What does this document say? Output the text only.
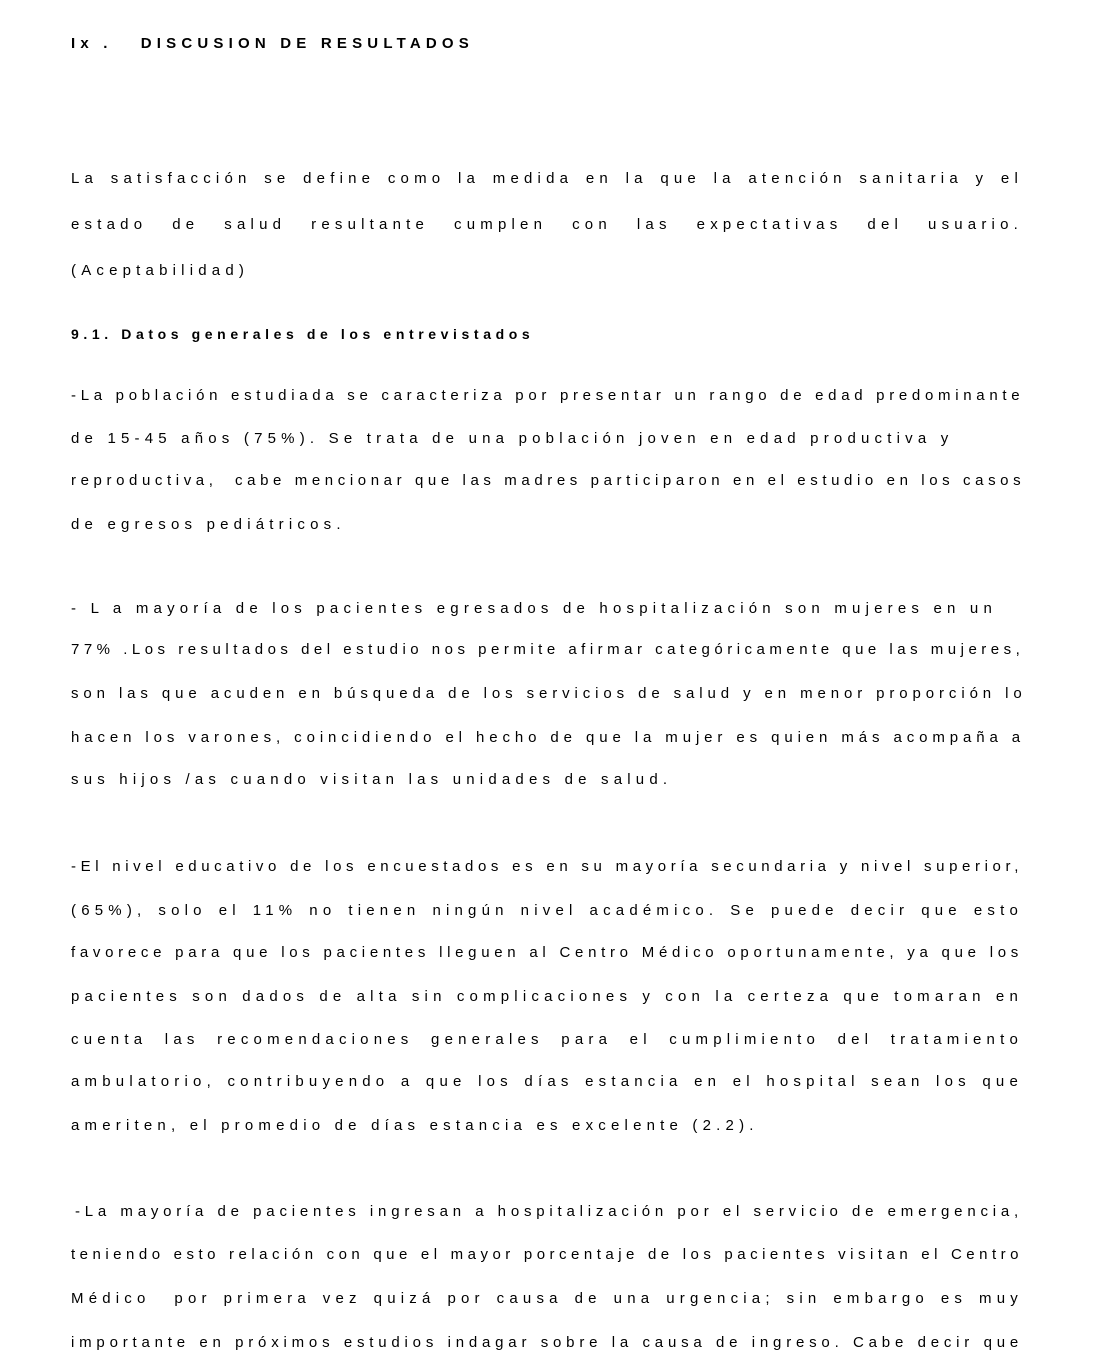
Ix .   DISCUSION DE RESULTADOS
La satisfacción se define como la medida en la que la atención sanitaria y el
estado de salud resultante cumplen con las expectativas del usuario.
(Aceptabilidad)
9.1. Datos generales de los entrevistados
-La población estudiada se caracteriza por presentar un rango de edad predominante
de 15-45 años (75%). Se trata de una población joven en edad productiva y
reproductiva,  cabe mencionar que las madres participaron en el estudio en los casos
de egresos pediátricos.
- L a mayoría de los pacientes egresados de hospitalización son mujeres en un
77% .Los resultados del estudio nos permite afirmar categóricamente que las mujeres,
son las que acuden en búsqueda de los servicios de salud y en menor proporción lo
hacen los varones, coincidiendo el hecho de que la mujer es quien más acompaña a
sus hijos /as cuando visitan las unidades de salud.
-El nivel educativo de los encuestados es en su mayoría secundaria y nivel superior,
(65%), solo el 11% no tienen ningún nivel académico. Se puede decir que esto
favorece para que los pacientes lleguen al Centro Médico oportunamente, ya que los
pacientes son dados de alta sin complicaciones y con la certeza que tomaran en
cuenta las recomendaciones generales para el cumplimiento del tratamiento
ambulatorio, contribuyendo a que los días estancia en el hospital sean los que
ameriten, el promedio de días estancia es excelente (2.2).
-La mayoría de pacientes ingresan a hospitalización por el servicio de emergencia,
teniendo esto relación con que el mayor porcentaje de los pacientes visitan el Centro
Médico  por primera vez quizá por causa de una urgencia; sin embargo es muy
importante en próximos estudios indagar sobre la causa de ingreso. Cabe decir que
